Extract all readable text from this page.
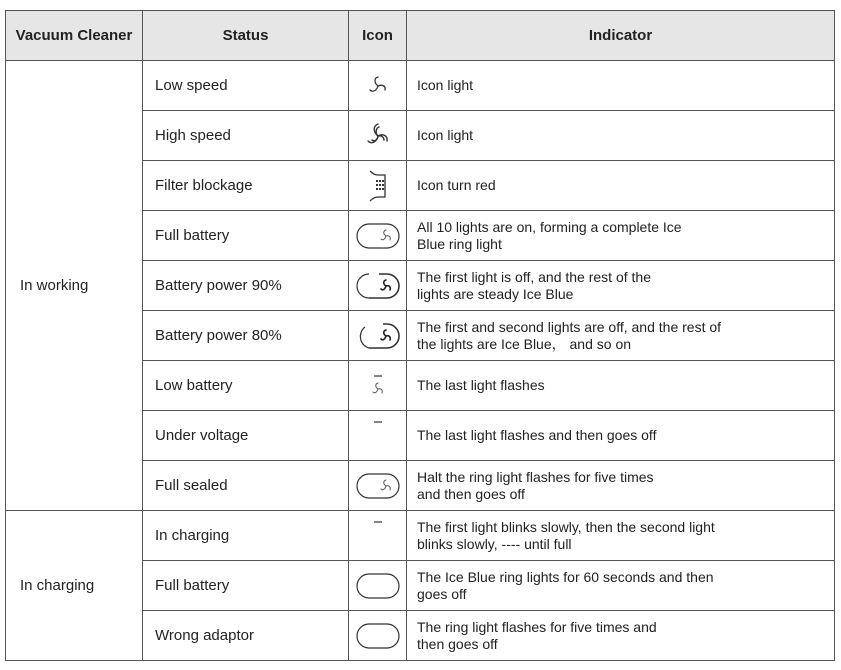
Vacuum Cleaner	Status	Icon	Indicator
In working	Low speed		Icon light
	High speed		Icon light
	Filter blockage		Icon turn red
	Full battery		All 10 lights are on, forming a complete Ice
Blue ring light

	Battery power 90%		The first light is off, and the rest of the
lights are steady Ice Blue

	Battery power 80%		The first and second lights are off, and the rest of
the lights are Ice Blue， and so on

	Low battery		The last light flashes
	Under voltage		The last light flashes and then goes off
	Full sealed		Halt the ring light flashes for five times
and then goes off

In charging	In charging		The first light blinks slowly, then the second light
blinks slowly, ---- until full

	Full battery		The Ice Blue ring lights for 60 seconds and then
goes off

	Wrong adaptor		The ring light flashes for five times and
then goes off
